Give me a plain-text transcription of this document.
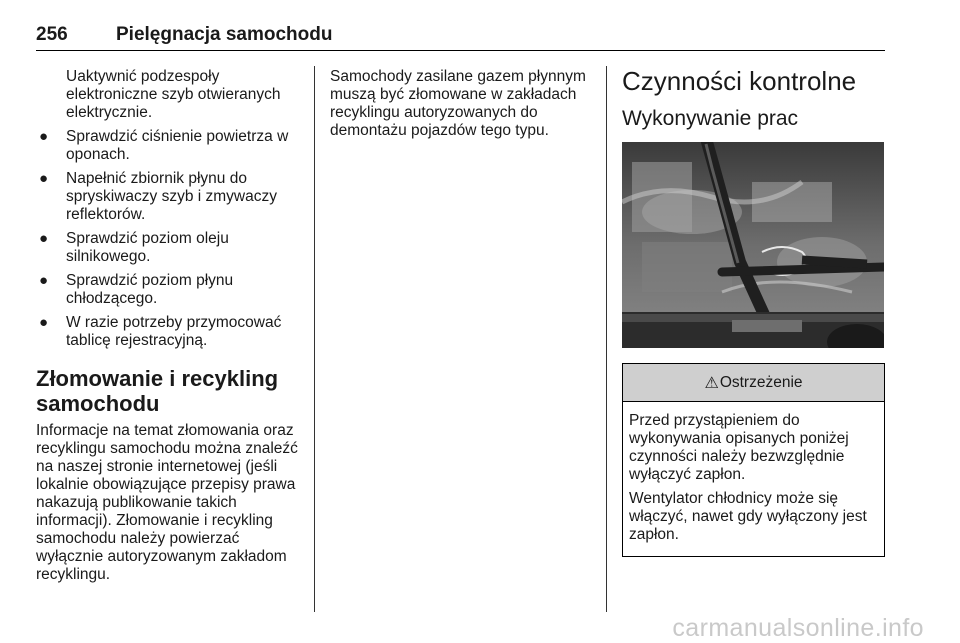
256	Pielęgnacja samochodu

Uaktywnić podzespoły elektroniczne szyb otwieranych elektrycznie.

● Sprawdzić ciśnienie powietrza w oponach.
● Napełnić zbiornik płynu do spryskiwaczy szyb i zmywaczy reflektorów.
● Sprawdzić poziom oleju silnikowego.
● Sprawdzić poziom płynu chłodzącego.
● W razie potrzeby przymocować tablicę rejestracyjną.
Złomowanie i recykling samochodu

Informacje na temat złomowania oraz recyklingu samochodu można znaleźć na naszej stronie internetowej (jeśli lokalnie obowiązujące przepisy prawa nakazują publikowanie takich informacji). Złomowanie i recykling samochodu należy powierzać wyłącznie autoryzowanym zakładom recyklingu.

Samochody zasilane gazem płynnym muszą być złomowane w zakładach recyklingu autoryzowanych do demontażu pojazdów tego typu.

Czynności kontrolne
Wykonywanie prac
⚠ Ostrzeżenie

Przed przystąpieniem do wykonywania opisanych poniżej czynności należy bezwzględnie wyłączyć zapłon.

Wentylator chłodnicy może się włączyć, nawet gdy wyłączony jest zapłon.

carmanualsonline.info
